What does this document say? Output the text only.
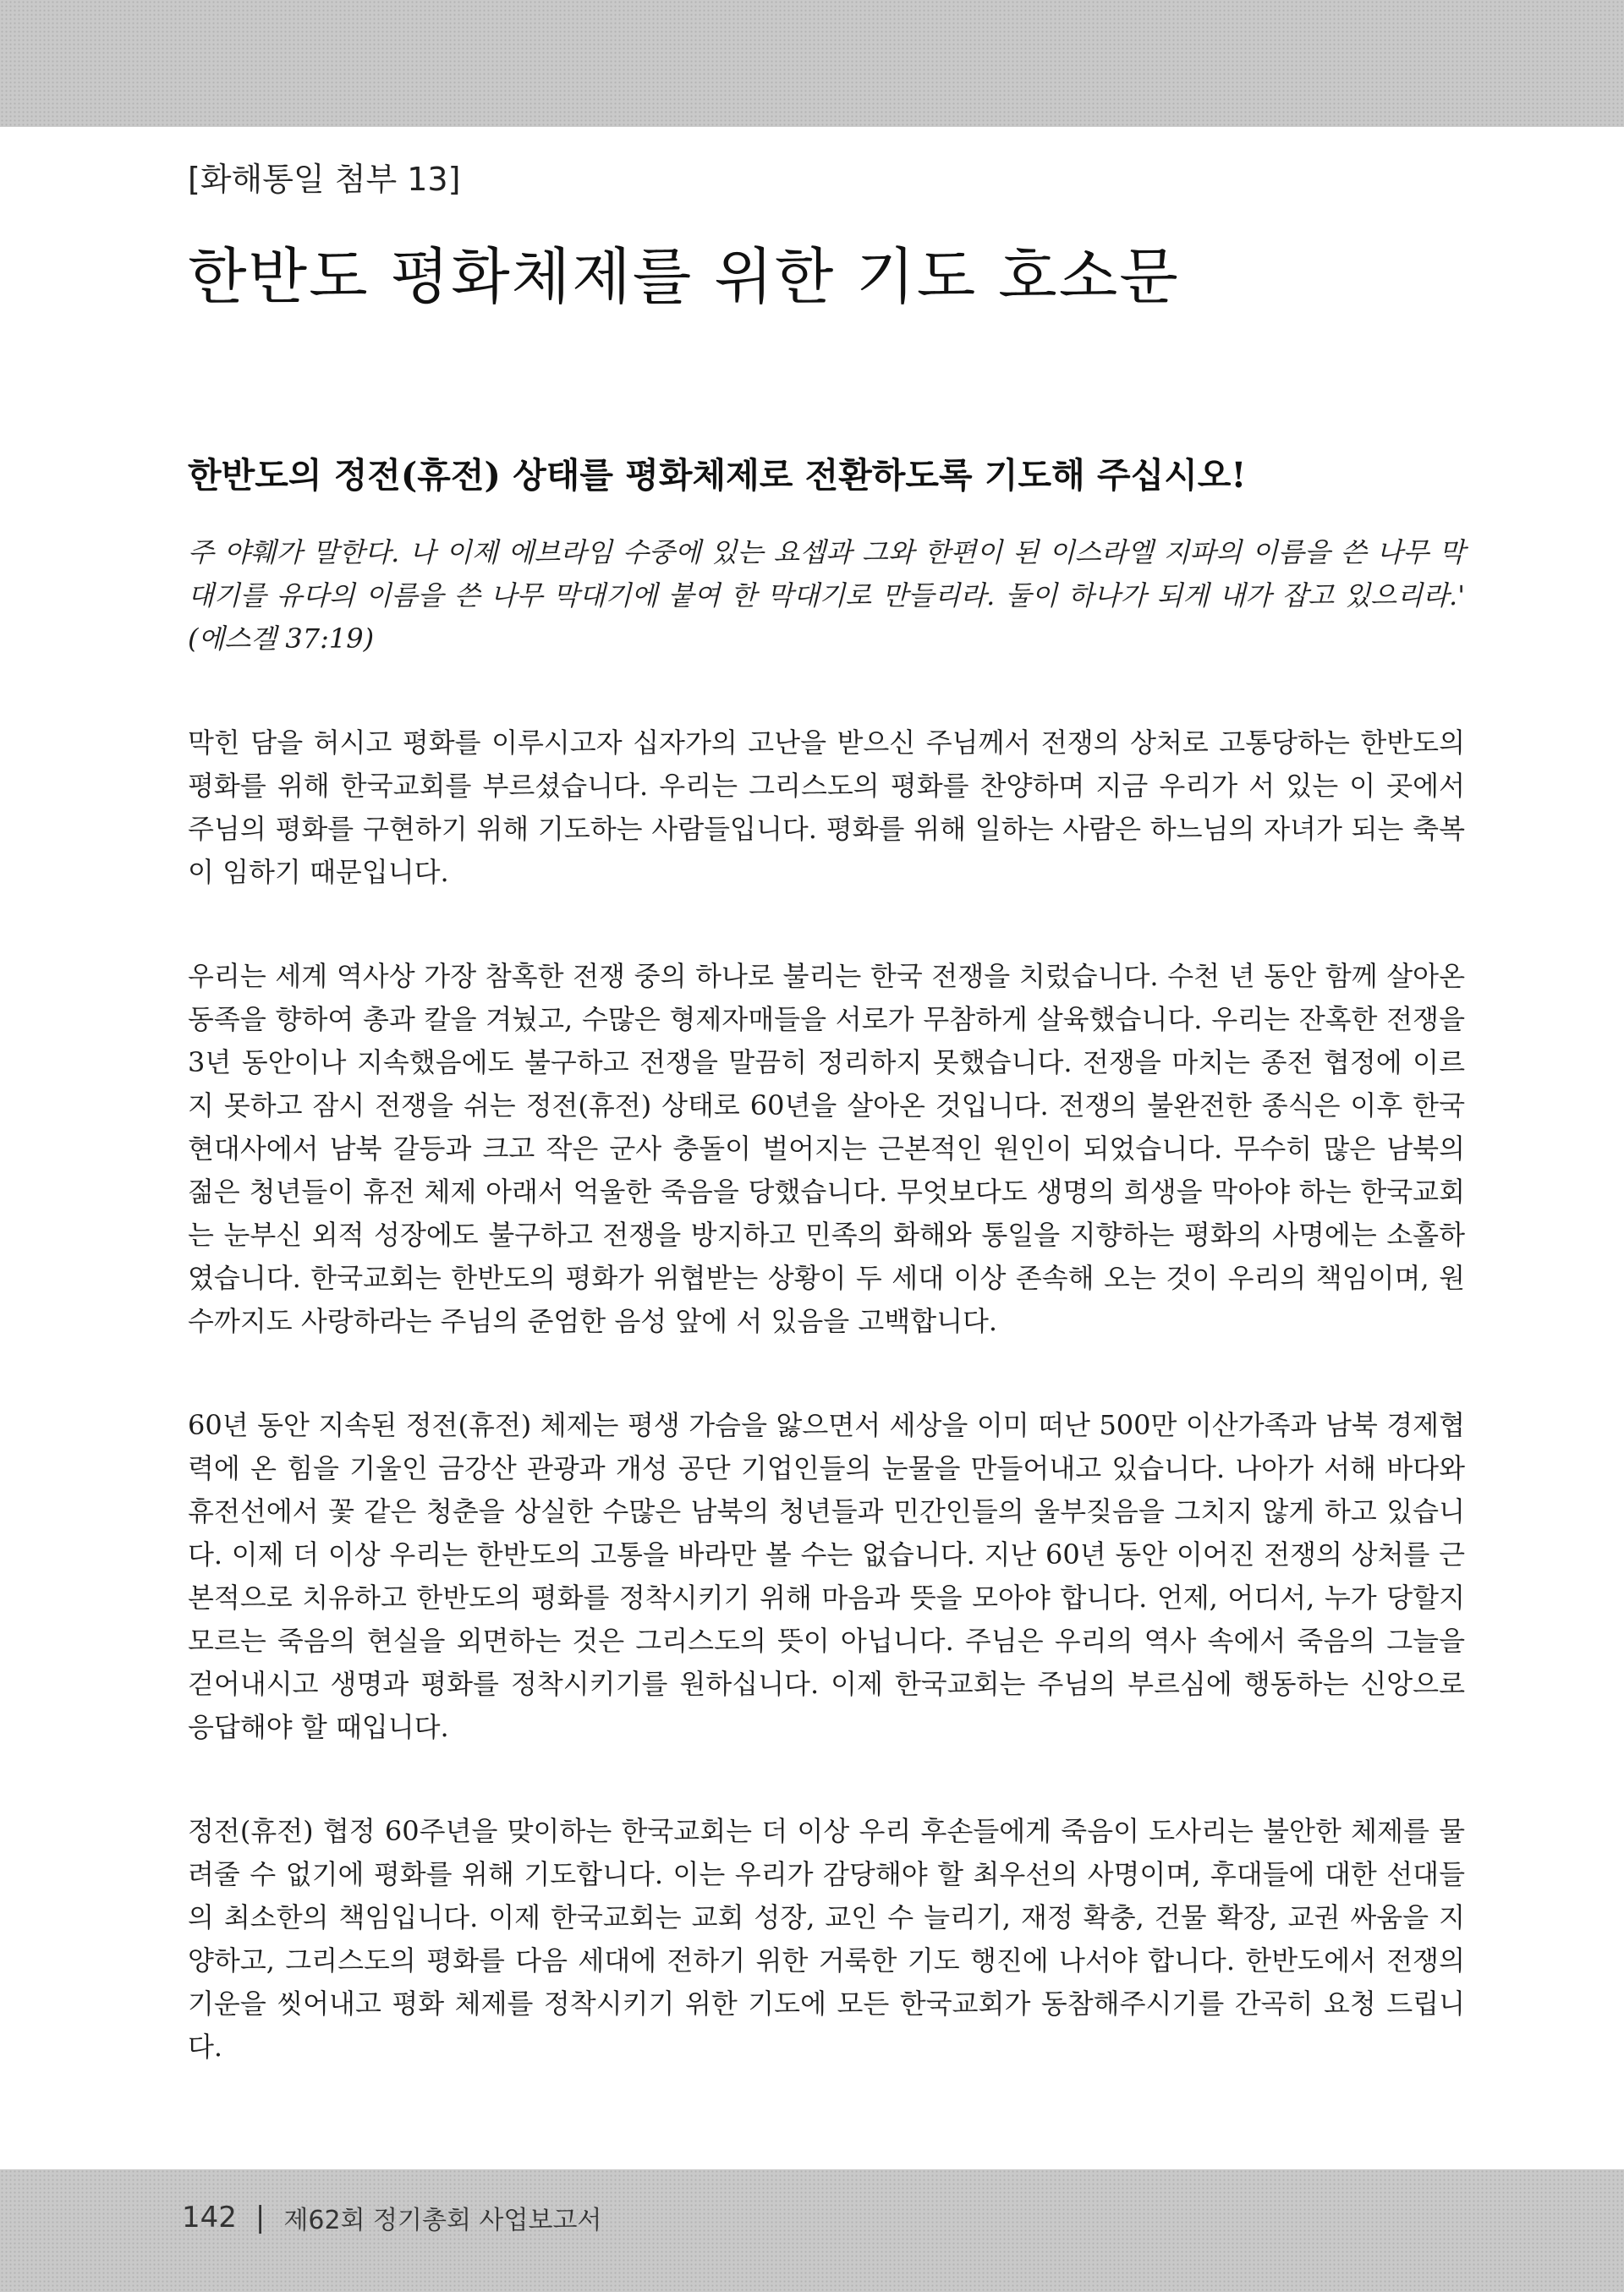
[화해통일 첨부 13]
한반도 평화체제를 위한 기도 호소문
한반도의 정전(휴전) 상태를 평화체제로 전환하도록 기도해 주십시오!

주 야훼가 말한다. 나 이제 에브라임 수중에 있는 요셉과 그와 한편이 된 이스라엘 지파의 이름을 쓴 나무 막대기를 유다의 이름을 쓴 나무 막대기에 붙여 한 막대기로 만들리라. 둘이 하나가 되게 내가 잡고 있으리라.' (에스겔 37:19)

막힌 담을 허시고 평화를 이루시고자 십자가의 고난을 받으신 주님께서 전쟁의 상처로 고통당하는 한반도의 평화를 위해 한국교회를 부르셨습니다. 우리는 그리스도의 평화를 찬양하며 지금 우리가 서 있는 이 곳에서 주님의 평화를 구현하기 위해 기도하는 사람들입니다. 평화를 위해 일하는 사람은 하느님의 자녀가 되는 축복이 임하기 때문입니다.

우리는 세계 역사상 가장 참혹한 전쟁 중의 하나로 불리는 한국 전쟁을 치렀습니다. 수천 년 동안 함께 살아온 동족을 향하여 총과 칼을 겨눴고, 수많은 형제자매들을 서로가 무참하게 살육했습니다. 우리는 잔혹한 전쟁을 3년 동안이나 지속했음에도 불구하고 전쟁을 말끔히 정리하지 못했습니다. 전쟁을 마치는 종전 협정에 이르지 못하고 잠시 전쟁을 쉬는 정전(휴전) 상태로 60년을 살아온 것입니다. 전쟁의 불완전한 종식은 이후 한국 현대사에서 남북 갈등과 크고 작은 군사 충돌이 벌어지는 근본적인 원인이 되었습니다. 무수히 많은 남북의 젊은 청년들이 휴전 체제 아래서 억울한 죽음을 당했습니다. 무엇보다도 생명의 희생을 막아야 하는 한국교회는 눈부신 외적 성장에도 불구하고 전쟁을 방지하고 민족의 화해와 통일을 지향하는 평화의 사명에는 소홀하였습니다. 한국교회는 한반도의 평화가 위협받는 상황이 두 세대 이상 존속해 오는 것이 우리의 책임이며, 원수까지도 사랑하라는 주님의 준엄한 음성 앞에 서 있음을 고백합니다.

60년 동안 지속된 정전(휴전) 체제는 평생 가슴을 앓으면서 세상을 이미 떠난 500만 이산가족과 남북 경제협력에 온 힘을 기울인 금강산 관광과 개성 공단 기업인들의 눈물을 만들어내고 있습니다. 나아가 서해 바다와 휴전선에서 꽃 같은 청춘을 상실한 수많은 남북의 청년들과 민간인들의 울부짖음을 그치지 않게 하고 있습니다. 이제 더 이상 우리는 한반도의 고통을 바라만 볼 수는 없습니다. 지난 60년 동안 이어진 전쟁의 상처를 근본적으로 치유하고 한반도의 평화를 정착시키기 위해 마음과 뜻을 모아야 합니다. 언제, 어디서, 누가 당할지 모르는 죽음의 현실을 외면하는 것은 그리스도의 뜻이 아닙니다. 주님은 우리의 역사 속에서 죽음의 그늘을 걷어내시고 생명과 평화를 정착시키기를 원하십니다. 이제 한국교회는 주님의 부르심에 행동하는 신앙으로 응답해야 할 때입니다.

정전(휴전) 협정 60주년을 맞이하는 한국교회는 더 이상 우리 후손들에게 죽음이 도사리는 불안한 체제를 물려줄 수 없기에 평화를 위해 기도합니다. 이는 우리가 감당해야 할 최우선의 사명이며, 후대들에 대한 선대들의 최소한의 책임입니다. 이제 한국교회는 교회 성장, 교인 수 늘리기, 재정 확충, 건물 확장, 교권 싸움을 지양하고, 그리스도의 평화를 다음 세대에 전하기 위한 거룩한 기도 행진에 나서야 합니다. 한반도에서 전쟁의 기운을 씻어내고 평화 체제를 정착시키기 위한 기도에 모든 한국교회가 동참해주시기를 간곡히 요청 드립니다.

142 | 제62회 정기총회 사업보고서
